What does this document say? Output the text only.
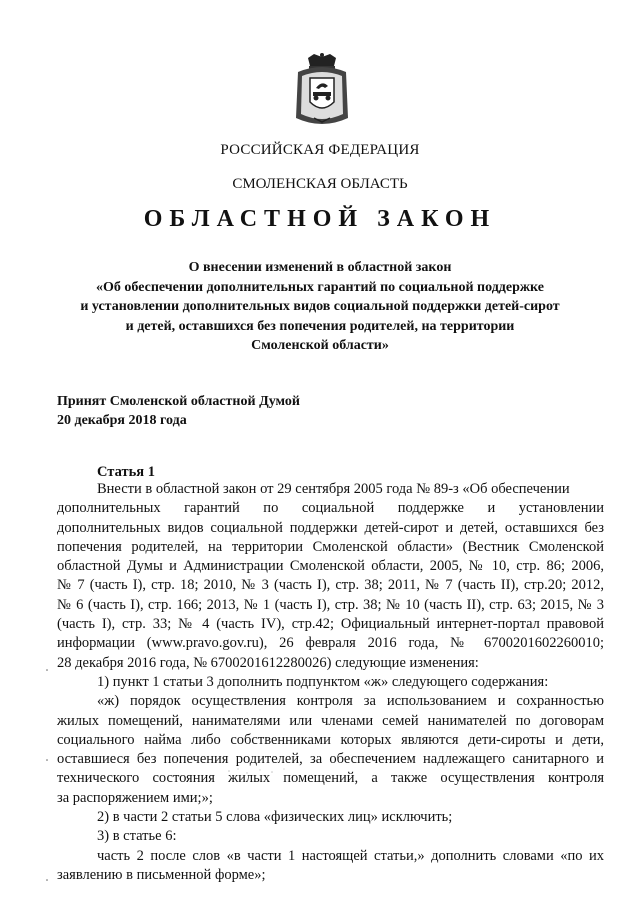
РОССИЙСКАЯ ФЕДЕРАЦИЯ
СМОЛЕНСКАЯ ОБЛАСТЬ
ОБЛАСТНОЙ ЗАКОН
О внесении изменений в областной закон
«Об обеспечении дополнительных гарантий по социальной поддержке
и установлении дополнительных видов социальной поддержки детей-сирот
и детей, оставшихся без попечения родителей, на территории
Смоленской области»
Принят Смоленской областной Думой
20 декабря 2018 года
Статья 1
Внести в областной закон от 29 сентября 2005 года № 89-з «Об обеспечении
дополнительных гарантий по социальной поддержке и установлении
дополнительных видов социальной поддержки детей-сирот и детей, оставшихся без
попечения родителей, на территории Смоленской области» (Вестник Смоленской
областной Думы и Администрации Смоленской области, 2005, № 10, стр. 86; 2006,
№ 7 (часть I), стр. 18; 2010, № 3 (часть I), стр. 38; 2011, № 7 (часть II), стр.20; 2012,
№ 6 (часть I), стр. 166; 2013, № 1 (часть I), стр. 38; № 10 (часть II), стр. 63; 2015, № 3
(часть I), стр. 33; № 4 (часть IV), стр.42; Официальный интернет-портал правовой
информации (www.pravo.gov.ru), 26 февраля 2016 года, № 6700201602260010;
28 декабря 2016 года, № 6700201612280026) следующие изменения:
1) пункт 1 статьи 3 дополнить подпунктом «ж» следующего содержания:
«ж) порядок осуществления контроля за использованием и сохранностью
жилых помещений, нанимателями или членами семей нанимателей по договорам
социального найма либо собственниками которых являются дети-сироты и дети,
оставшиеся без попечения родителей, за обеспечением надлежащего санитарного и
технического состояния жилых помещений, а также осуществления контроля
за распоряжением ими;»;
2) в части 2 статьи 5 слова «физических лиц» исключить;
3) в статье 6:
часть 2 после слов «в части 1 настоящей статьи,» дополнить словами «по их
заявлению в письменной форме»;
